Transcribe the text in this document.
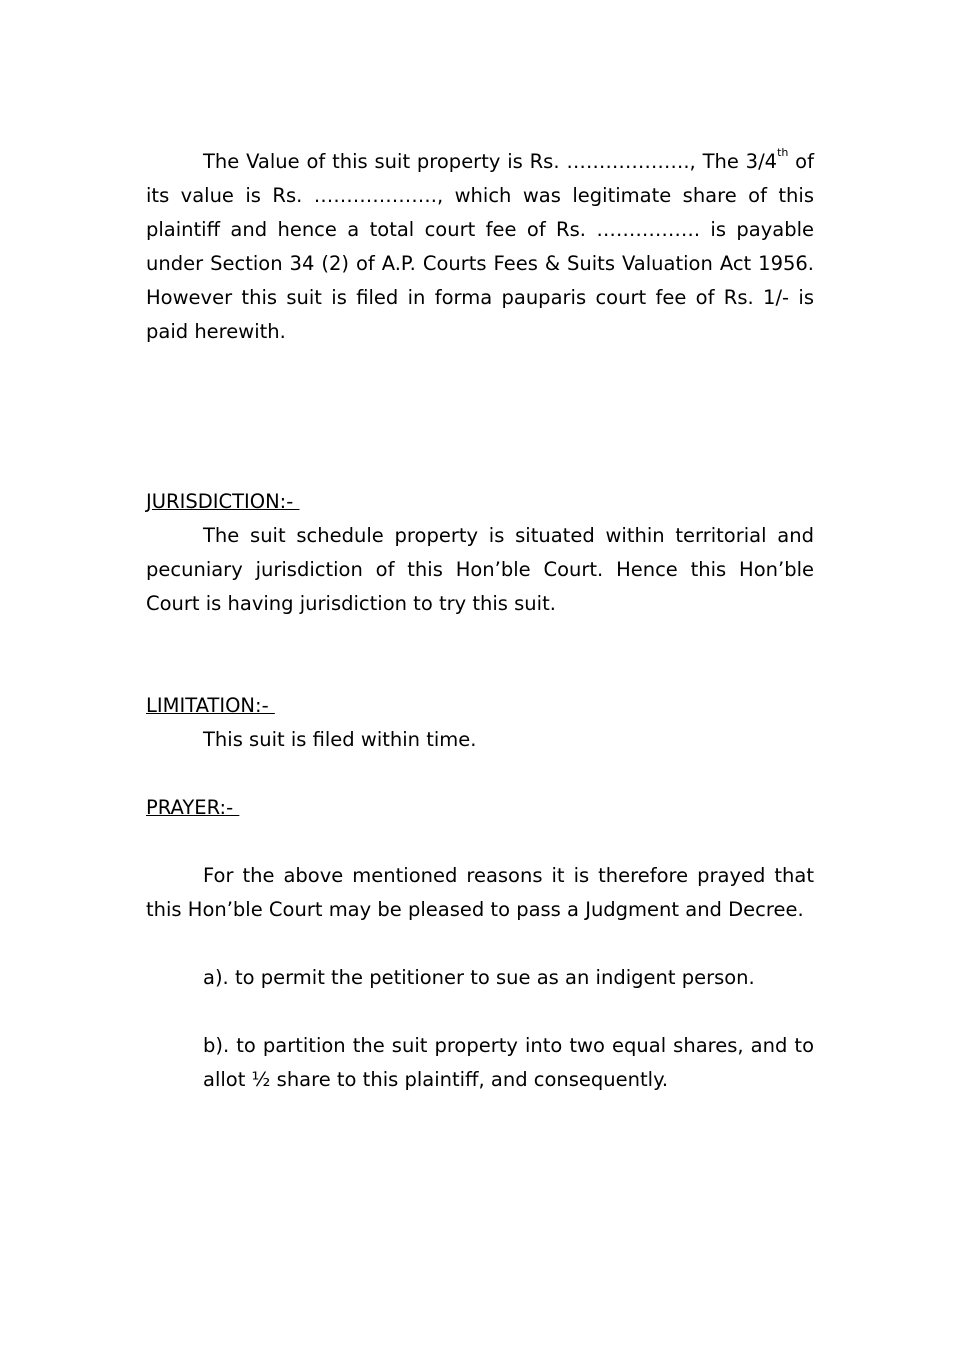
The Value of this suit property is Rs. ………………., The 3/4th of its value is Rs. ………………., which was legitimate share of this plaintiff and hence a total court fee of Rs. ……………. is payable under Section 34 (2) of A.P. Courts Fees & Suits Valuation Act 1956. However this suit is filed in forma pauparis court fee of Rs. 1/- is paid herewith.

JURISDICTION:-

The suit schedule property is situated within territorial and pecuniary jurisdiction of this Hon’ble Court. Hence this Hon’ble Court is having jurisdiction to try this suit.

LIMITATION:-

This suit is filed within time.

PRAYER:-

For the above mentioned reasons it is therefore prayed that this Hon’ble Court may be pleased to pass a Judgment and Decree.

a). to permit the petitioner to sue as an indigent person.

b). to partition the suit property into two equal shares, and to allot ½ share to this plaintiff, and consequently.
